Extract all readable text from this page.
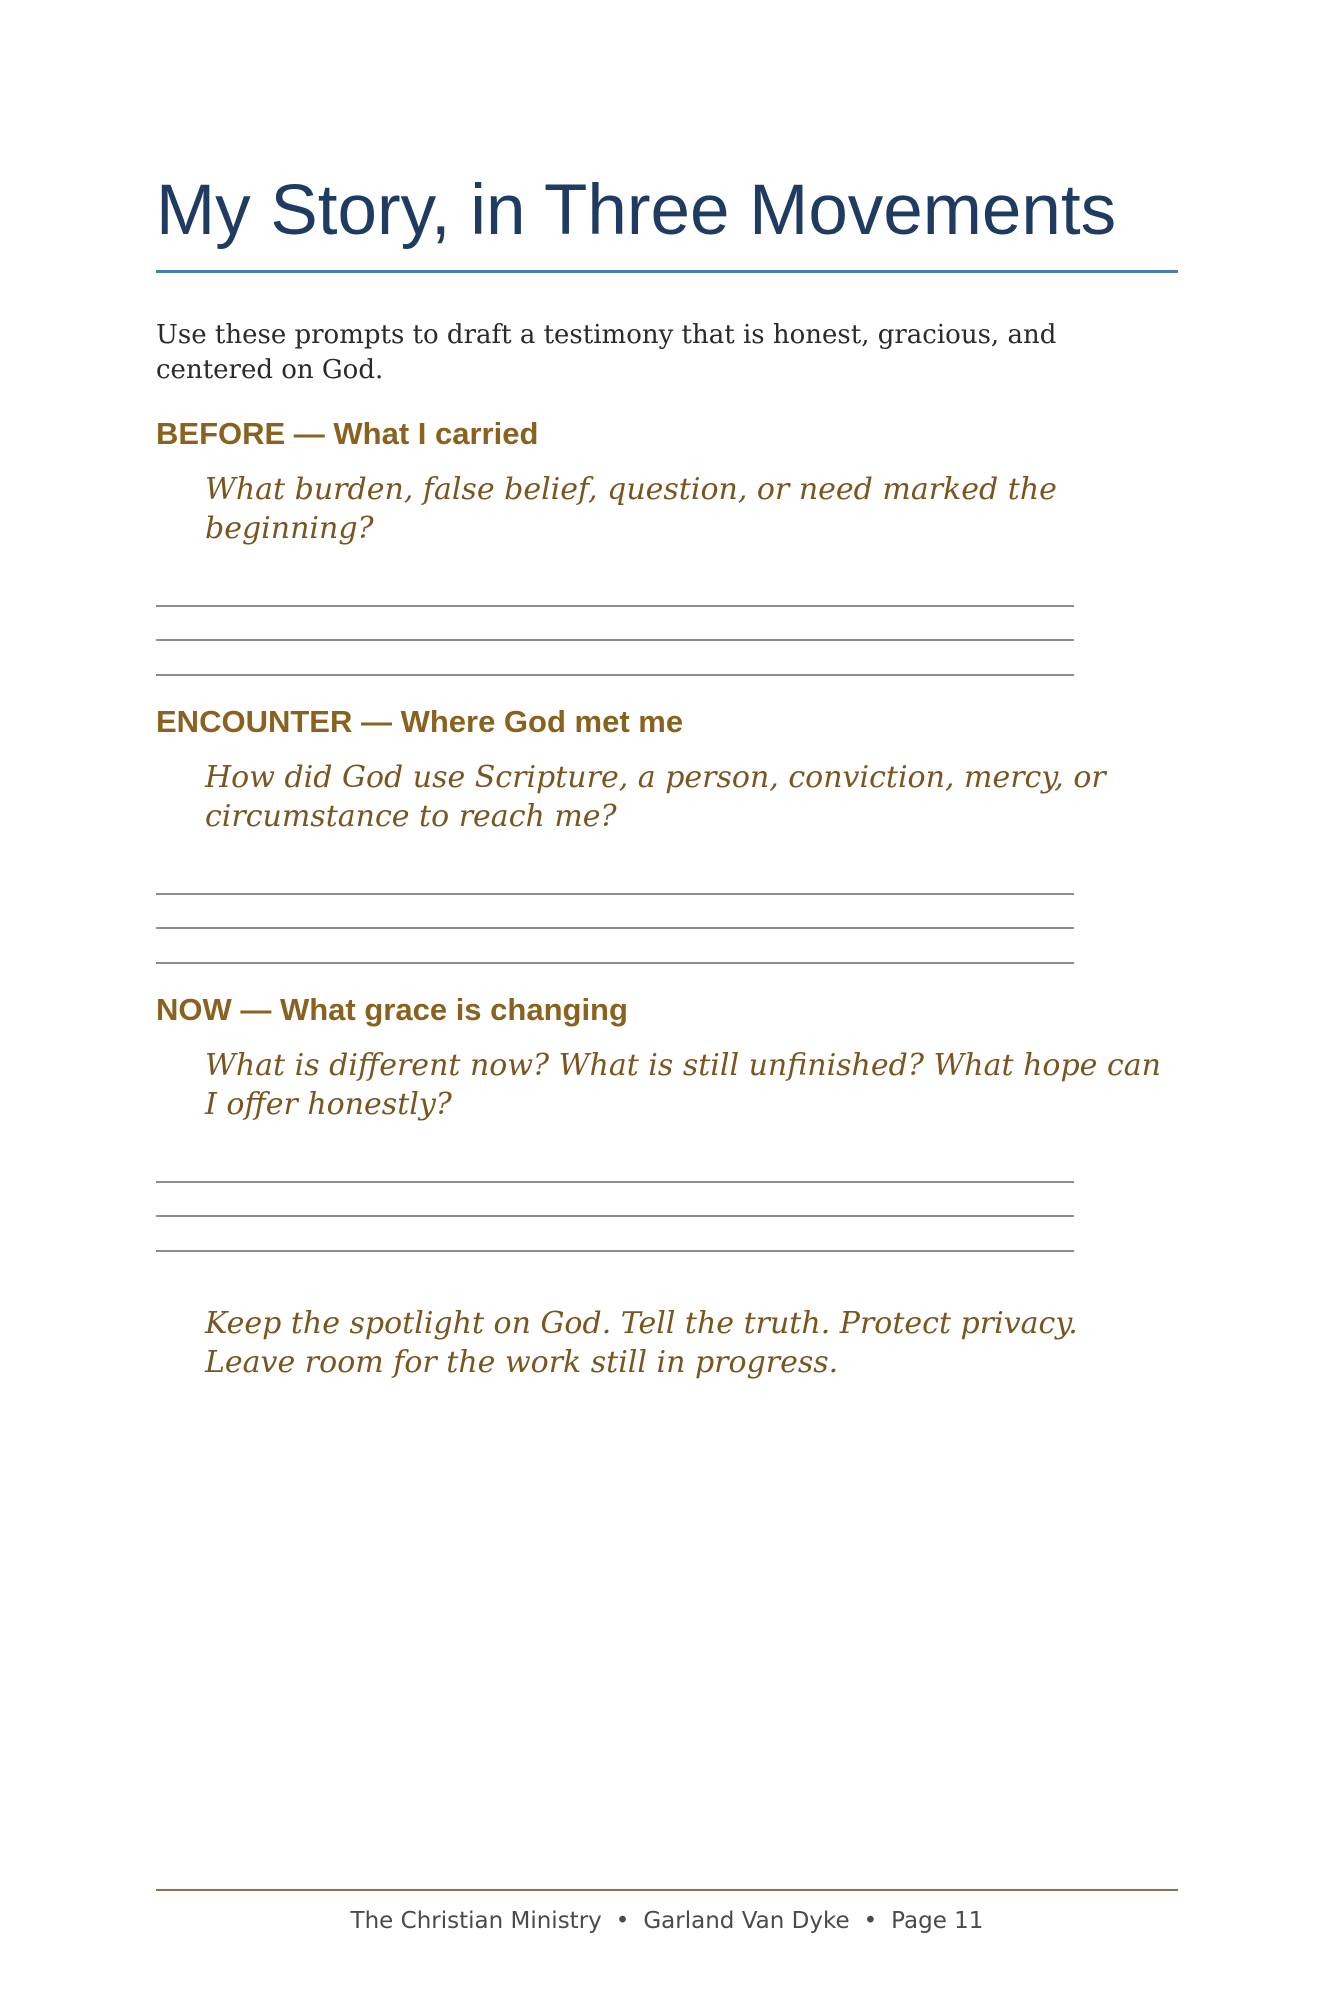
My Story, in Three Movements

Use these prompts to draft a testimony that is honest, gracious, and centered on God.

BEFORE — What I carried

What burden, false belief, question, or need marked the beginning?

ENCOUNTER — Where God met me

How did God use Scripture, a person, conviction, mercy, or circumstance to reach me?

NOW — What grace is changing

What is different now? What is still unfinished? What hope can I offer honestly?

Keep the spotlight on God. Tell the truth. Protect privacy. Leave room for the work still in progress.

The Christian Ministry • Garland Van Dyke • Page 11
